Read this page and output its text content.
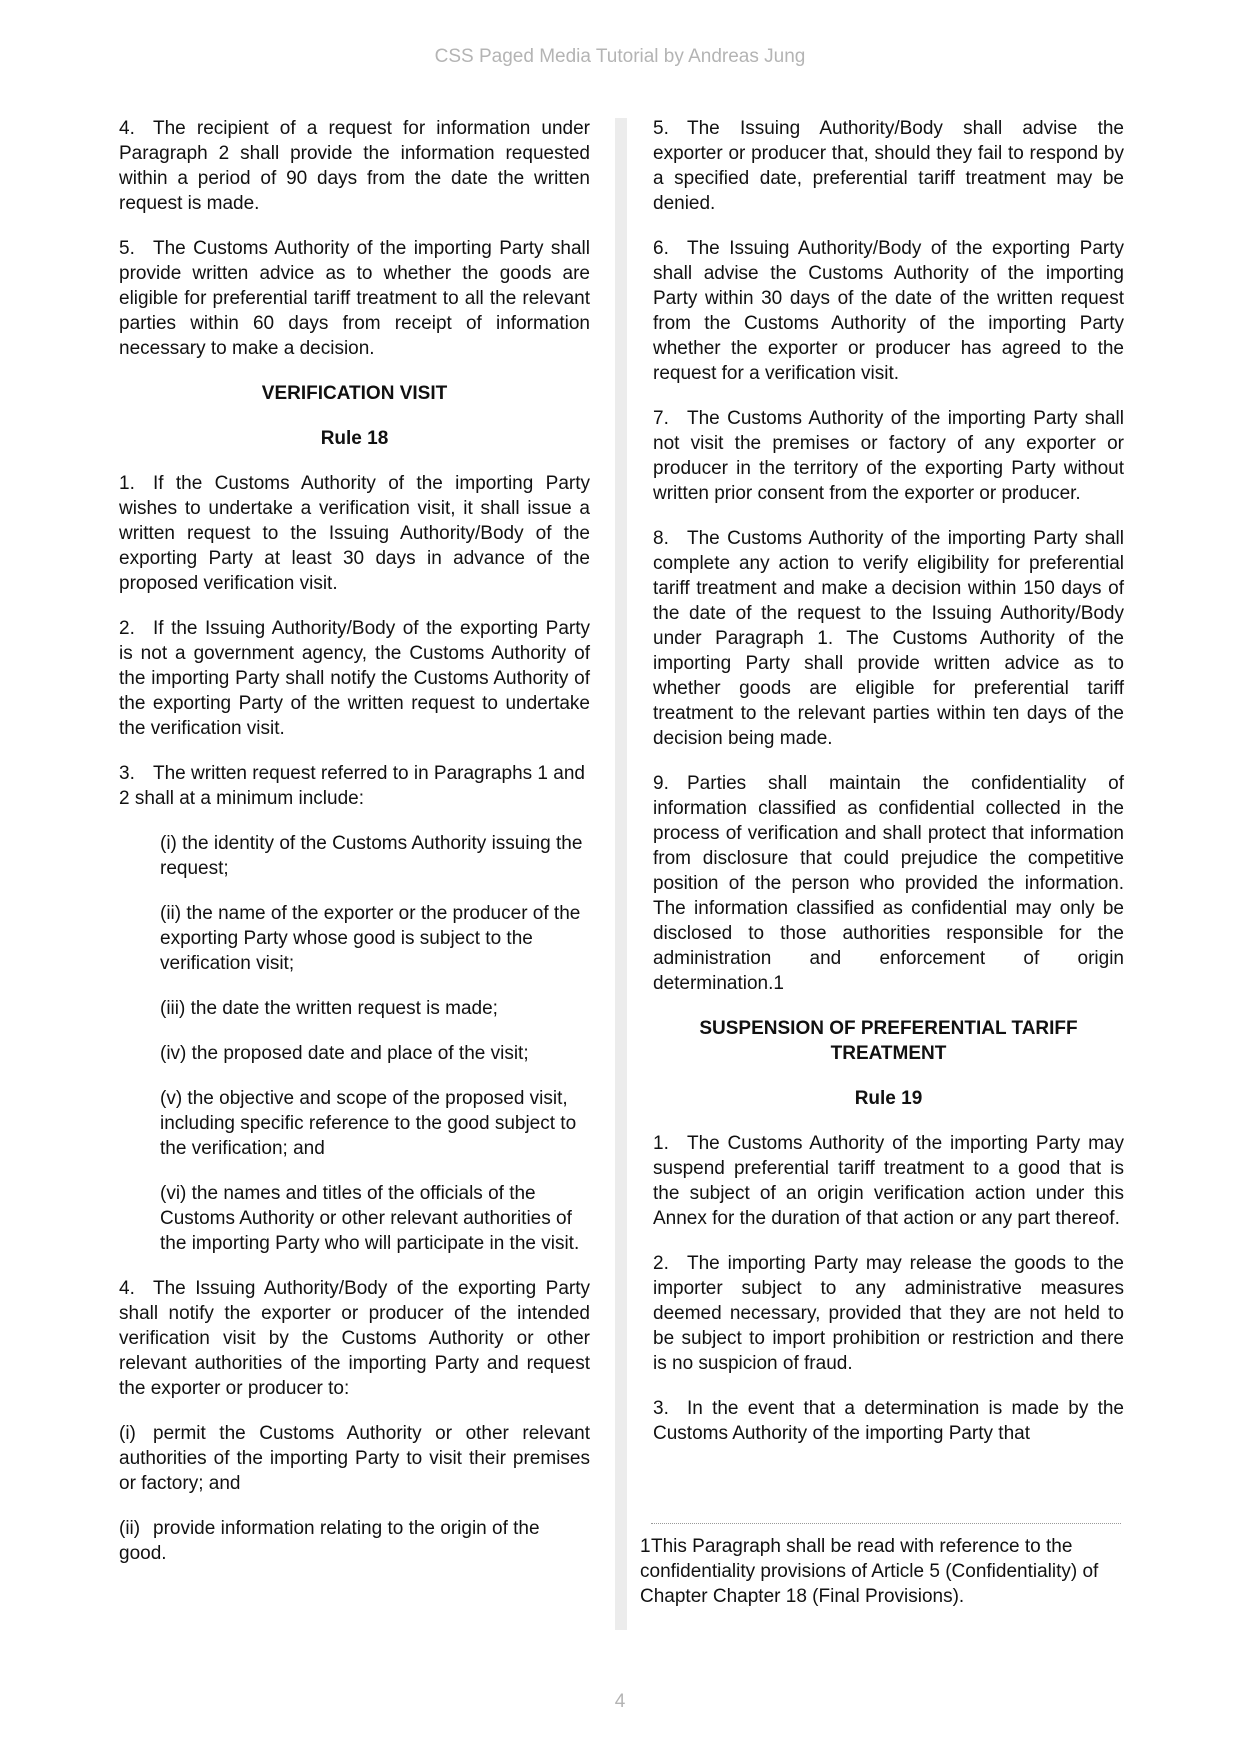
CSS Paged Media Tutorial by Andreas Jung

4. The recipient of a request for information under Paragraph 2 shall provide the information requested within a period of 90 days from the date the written request is made.

5. The Customs Authority of the importing Party shall provide written advice as to whether the goods are eligible for preferential tariff treatment to all the relevant parties within 60 days from receipt of information necessary to make a decision.

VERIFICATION VISIT
Rule 18

1. If the Customs Authority of the importing Party wishes to undertake a verification visit, it shall issue a written request to the Issuing Authority/Body of the exporting Party at least 30 days in advance of the proposed verification visit.

2. If the Issuing Authority/Body of the exporting Party is not a government agency, the Customs Authority of the importing Party shall notify the Customs Authority of the exporting Party of the written request to undertake the verification visit.

3. The written request referred to in Paragraphs 1 and 2 shall at a minimum include:

(i) the identity of the Customs Authority issuing the request;
(ii) the name of the exporter or the producer of the exporting Party whose good is subject to the verification visit;
(iii) the date the written request is made;
(iv) the proposed date and place of the visit;
(v) the objective and scope of the proposed visit, including specific reference to the good subject to the verification; and
(vi) the names and titles of the officials of the Customs Authority or other relevant authorities of the importing Party who will participate in the visit.

4. The Issuing Authority/Body of the exporting Party shall notify the exporter or producer of the intended verification visit by the Customs Authority or other relevant authorities of the importing Party and request the exporter or producer to:

(i) permit the Customs Authority or other relevant authorities of the importing Party to visit their premises or factory; and

(ii) provide information relating to the origin of the good.

5. The Issuing Authority/Body shall advise the exporter or producer that, should they fail to respond by a specified date, preferential tariff treatment may be denied.

6. The Issuing Authority/Body of the exporting Party shall advise the Customs Authority of the importing Party within 30 days of the date of the written request from the Customs Authority of the importing Party whether the exporter or producer has agreed to the request for a verification visit.

7. The Customs Authority of the importing Party shall not visit the premises or factory of any exporter or producer in the territory of the exporting Party without written prior consent from the exporter or producer.

8. The Customs Authority of the importing Party shall complete any action to verify eligibility for preferential tariff treatment and make a decision within 150 days of the date of the request to the Issuing Authority/Body under Paragraph 1. The Customs Authority of the importing Party shall provide written advice as to whether goods are eligible for preferential tariff treatment to the relevant parties within ten days of the decision being made.

9. Parties shall maintain the confidentiality of information classified as confidential collected in the process of verification and shall protect that information from disclosure that could prejudice the competitive position of the person who provided the information. The information classified as confidential may only be disclosed to those authorities responsible for the administration and enforcement of origin determination.1

SUSPENSION OF PREFERENTIAL TARIFF TREATMENT
Rule 19

1. The Customs Authority of the importing Party may suspend preferential tariff treatment to a good that is the subject of an origin verification action under this Annex for the duration of that action or any part thereof.

2. The importing Party may release the goods to the importer subject to any administrative measures deemed necessary, provided that they are not held to be subject to import prohibition or restriction and there is no suspicion of fraud.

3. In the event that a determination is made by the Customs Authority of the importing Party that

1This Paragraph shall be read with reference to the confidentiality provisions of Article 5 (Confidentiality) of Chapter Chapter 18 (Final Provisions).
4
